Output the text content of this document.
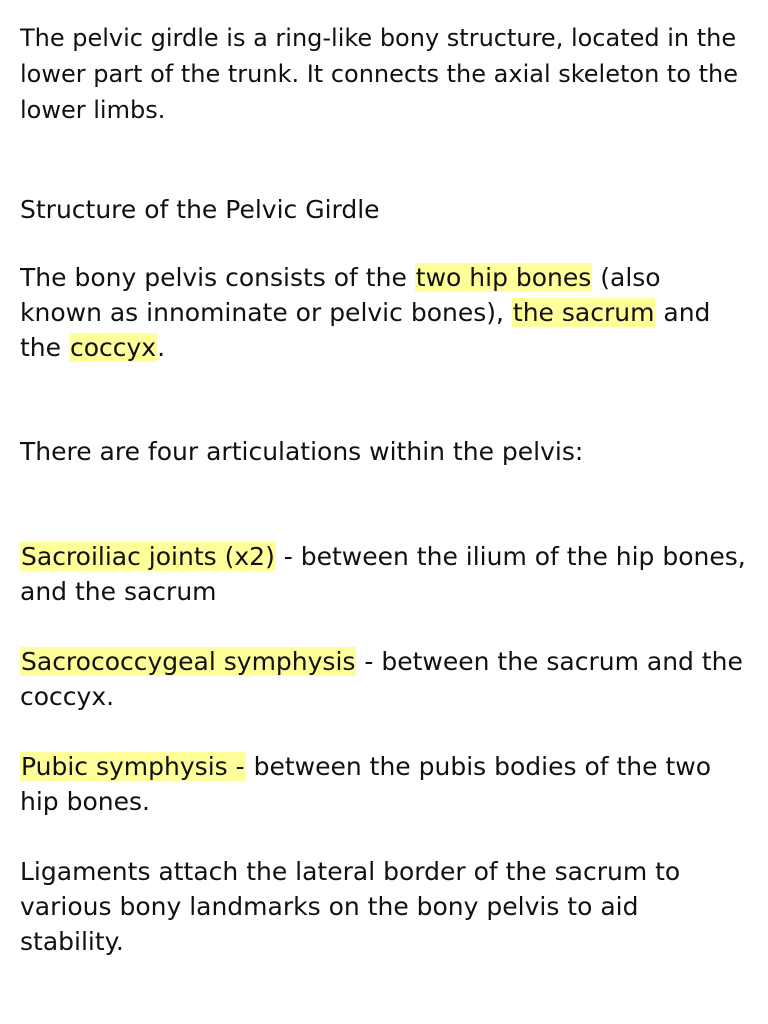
The pelvic girdle is a ring-like bony structure, located in the lower part of the trunk. It connects the axial skeleton to the lower limbs.

Structure of the Pelvic Girdle

The bony pelvis consists of the two hip bones (also known as innominate or pelvic bones), the sacrum and the coccyx.

There are four articulations within the pelvis:

Sacroiliac joints (x2) - between the ilium of the hip bones, and the sacrum

Sacrococcygeal symphysis - between the sacrum and the coccyx.

Pubic symphysis - between the pubis bodies of the two hip bones.

Ligaments attach the lateral border of the sacrum to various bony landmarks on the bony pelvis to aid stability.
